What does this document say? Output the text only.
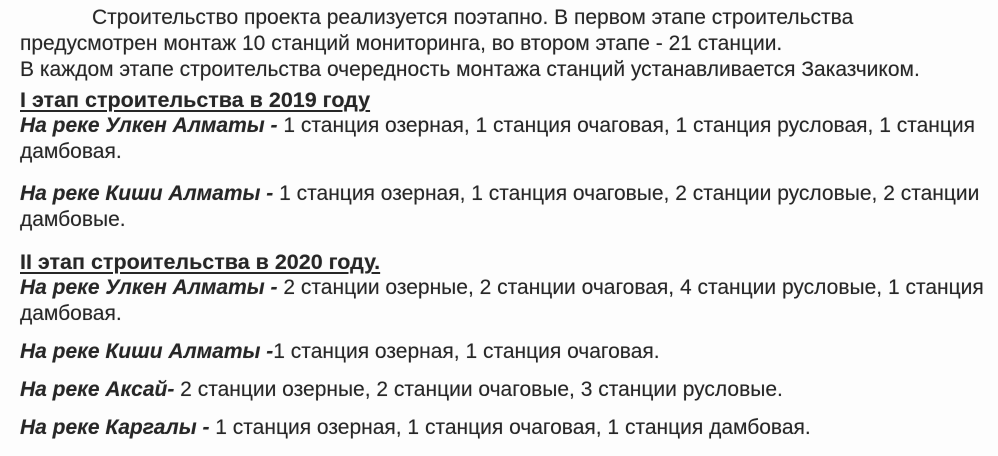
Строительство проекта реализуется поэтапно. В первом этапе строительства предусмотрен монтаж 10 станций мониторинга, во втором этапе - 21 станции.

В каждом этапе строительства очередность монтажа станций устанавливается Заказчиком.

I этап строительства в 2019 году

На реке Улкен Алматы - 1 станция озерная, 1 станция очаговая, 1 станция русловая, 1 станция дамбовая.

На реке Киши Алматы - 1 станция озерная, 1 станция очаговые, 2 станции русловые, 2 станции дамбовые.

II этап строительства в 2020 году.

На реке Улкен Алматы - 2 станции озерные, 2 станции очаговая, 4 станции русловые, 1 станция дамбовая.

На реке Киши Алматы -1 станция озерная, 1 станция очаговая.

На реке Аксай- 2 станции озерные, 2 станции очаговые, 3 станции русловые.

На реке Каргалы - 1 станция озерная, 1 станция очаговая, 1 станция дамбовая.
